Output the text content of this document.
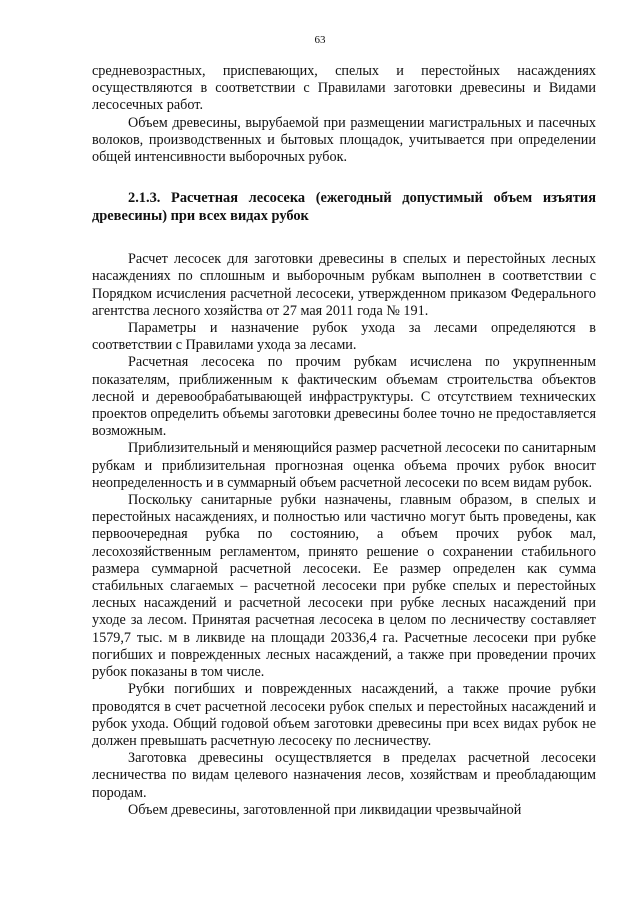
63

средневозрастных, приспевающих, спелых и перестойных насаждениях осуществляются в соответствии с Правилами заготовки древесины и Видами лесосечных работ.

Объем древесины, вырубаемой при размещении магистральных и пасечных волоков, производственных и бытовых площадок, учитывается при определении общей интенсивности выборочных рубок.

2.1.3. Расчетная лесосека (ежегодный допустимый объем изъятия древесины) при всех видах рубок

Расчет лесосек для заготовки древесины в спелых и перестойных лесных насаждениях по сплошным и выборочным рубкам выполнен в соответствии с Порядком исчисления расчетной лесосеки, утвержденном приказом Федерального агентства лесного хозяйства от 27 мая 2011 года № 191.

Параметры и назначение рубок ухода за лесами определяются в соответствии с Правилами ухода за лесами.

Расчетная лесосека по прочим рубкам исчислена по укрупненным показателям, приближенным к фактическим объемам строительства объектов лесной и деревообрабатывающей инфраструктуры. С отсутствием технических проектов определить объемы заготовки древесины более точно не предоставляется возможным.

Приблизительный и меняющийся размер расчетной лесосеки по санитарным рубкам и приблизительная прогнозная оценка объема прочих рубок вносит неопределенность и в суммарный объем расчетной лесосеки по всем видам рубок.

Поскольку санитарные рубки назначены, главным образом, в спелых и перестойных насаждениях, и полностью или частично могут быть проведены, как первоочередная рубка по состоянию, а объем прочих рубок мал, лесохозяйственным регламентом, принято решение о сохранении стабильного размера суммарной расчетной лесосеки. Ее размер определен как сумма стабильных слагаемых – расчетной лесосеки при рубке спелых и перестойных лесных насаждений и расчетной лесосеки при рубке лесных насаждений при уходе за лесом. Принятая расчетная лесосека в целом по лесничеству составляет 1579,7 тыс. м в ликвиде на площади 20336,4 га. Расчетные лесосеки при рубке погибших и поврежденных лесных насаждений, а также при проведении прочих рубок показаны в том числе.

Рубки погибших и поврежденных насаждений, а также прочие рубки проводятся в счет расчетной лесосеки рубок спелых и перестойных насаждений и рубок ухода. Общий годовой объем заготовки древесины при всех видах рубок не должен превышать расчетную лесосеку по лесничеству.

Заготовка древесины осуществляется в пределах расчетной лесосеки лесничества по видам целевого назначения лесов, хозяйствам и преобладающим породам.

Объем древесины, заготовленной при ликвидации чрезвычайной
